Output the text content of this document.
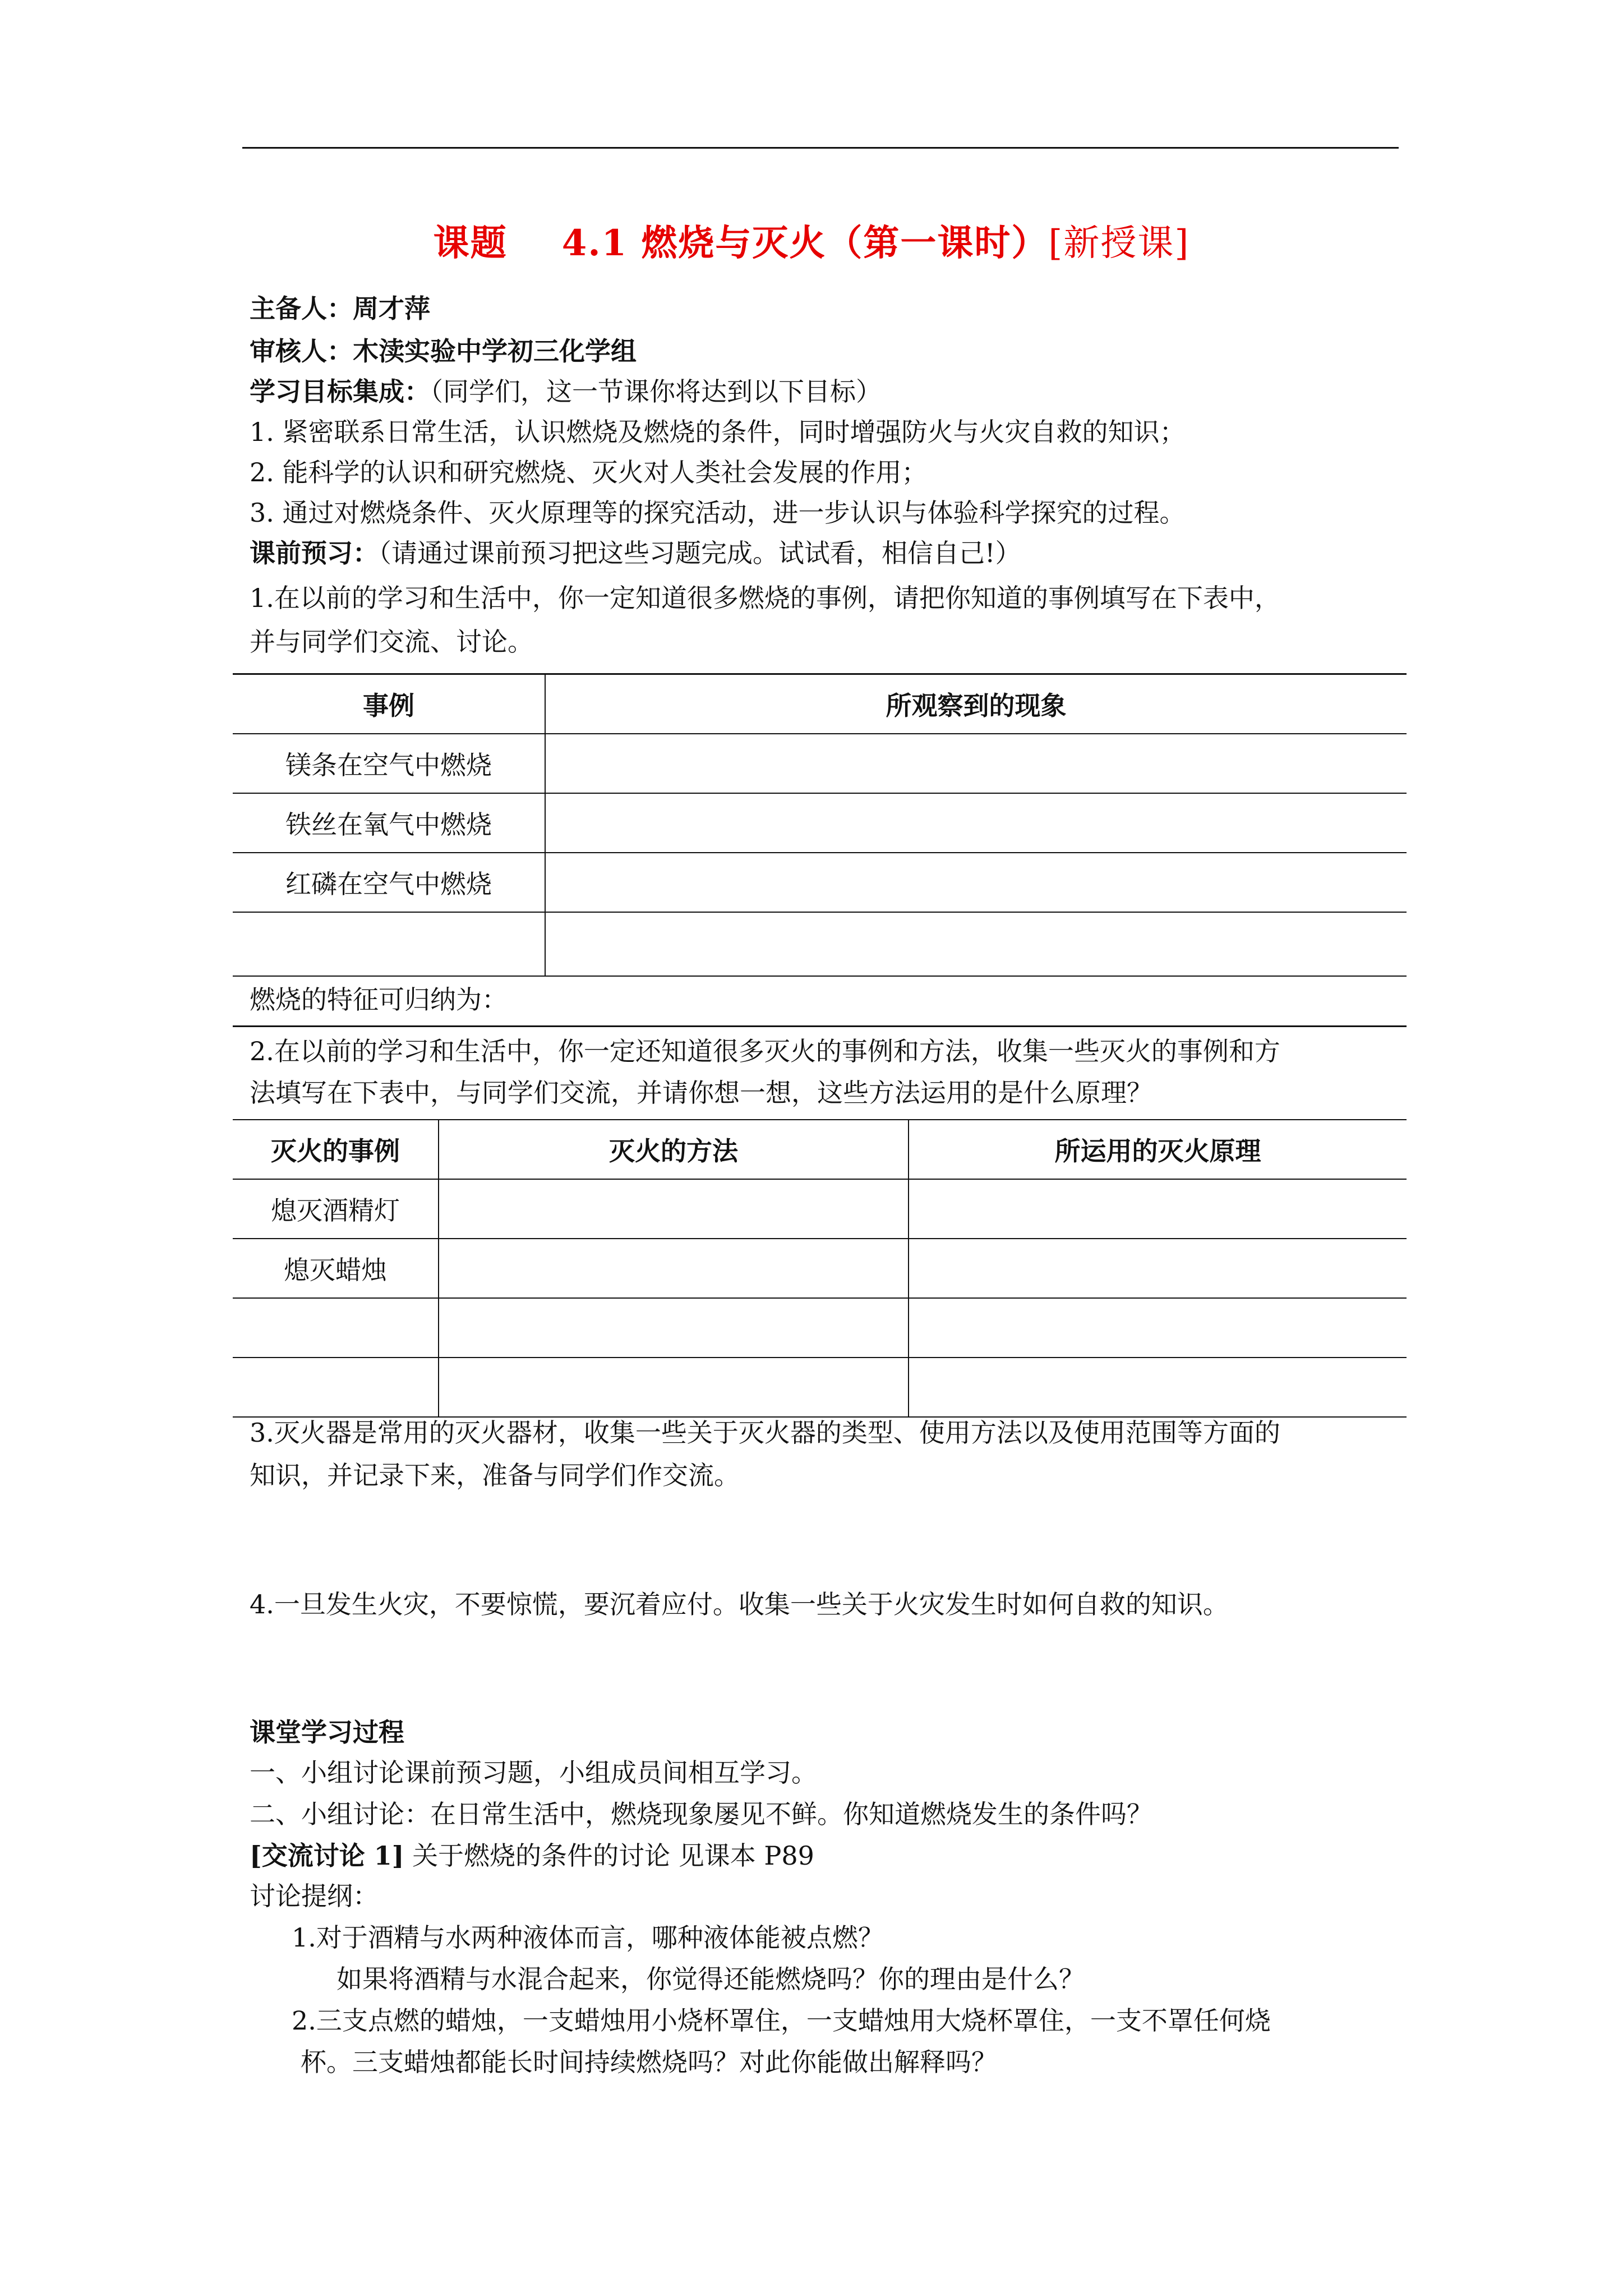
课题 4.1 燃烧与灭火（第一课时）[新授课]
主备人：周才萍
审核人：木渎实验中学初三化学组
学习目标集成：（同学们，这一节课你将达到以下目标）
1. 紧密联系日常生活，认识燃烧及燃烧的条件，同时增强防火与火灾自救的知识；
2. 能科学的认识和研究燃烧、灭火对人类社会发展的作用；
3. 通过对燃烧条件、灭火原理等的探究活动，进一步认识与体验科学探究的过程。
课前预习：（请通过课前预习把这些习题完成。试试看，相信自己!）
1.在以前的学习和生活中，你一定知道很多燃烧的事例，请把你知道的事例填写在下表中，
并与同学们交流、讨论。
事例	所观察到的现象
镁条在空气中燃烧	
铁丝在氧气中燃烧	
红磷在空气中燃烧	

燃烧的特征可归纳为：
2.在以前的学习和生活中，你一定还知道很多灭火的事例和方法，收集一些灭火的事例和方
法填写在下表中，与同学们交流，并请你想一想，这些方法运用的是什么原理？
灭火的事例	灭火的方法	所运用的灭火原理
熄灭酒精灯		
熄灭蜡烛		

3.灭火器是常用的灭火器材，收集一些关于灭火器的类型、使用方法以及使用范围等方面的
知识，并记录下来，准备与同学们作交流。
4.一旦发生火灾，不要惊慌，要沉着应付。收集一些关于火灾发生时如何自救的知识。
课堂学习过程
一、小组讨论课前预习题，小组成员间相互学习。
二、小组讨论：在日常生活中，燃烧现象屡见不鲜。你知道燃烧发生的条件吗？
[交流讨论 1] 关于燃烧的条件的讨论 见课本 P89
讨论提纲：
1.对于酒精与水两种液体而言，哪种液体能被点燃？
如果将酒精与水混合起来，你觉得还能燃烧吗？你的理由是什么？
2.三支点燃的蜡烛，一支蜡烛用小烧杯罩住，一支蜡烛用大烧杯罩住，一支不罩任何烧
杯。三支蜡烛都能长时间持续燃烧吗？对此你能做出解释吗？
